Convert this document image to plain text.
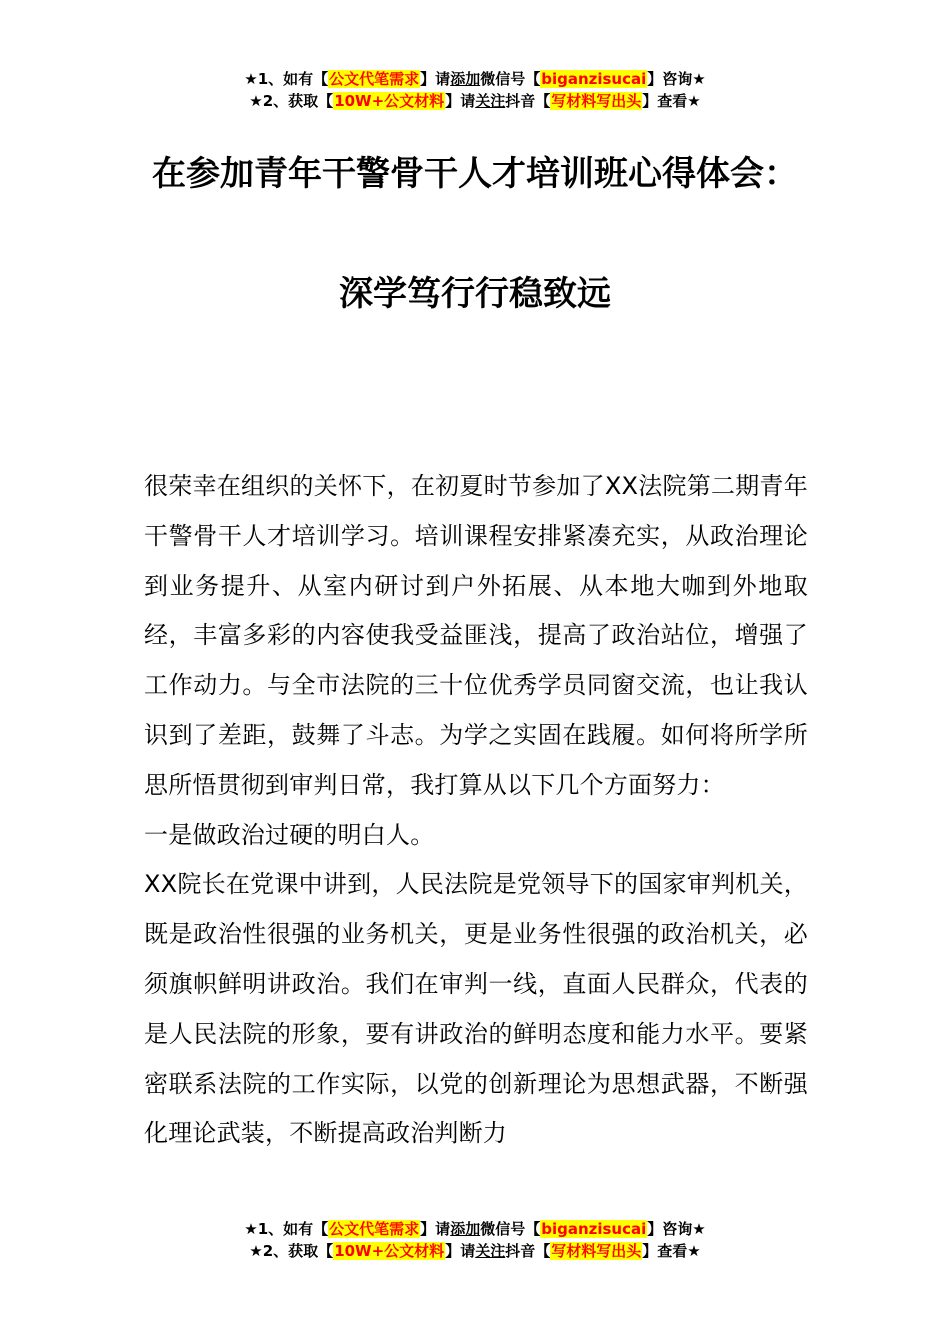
★1、如有【公文代笔需求】请添加微信号【biganzisucai】咨询★
★2、获取【10W+公文材料】请关注抖音【写材料写出头】查看★
在参加青年干警骨干人才培训班心得体会：
深学笃行行稳致远

很荣幸在组织的关怀下，在初夏时节参加了XX法院第二期青年干警骨干人才培训学习。培训课程安排紧凑充实，从政治理论到业务提升、从室内研讨到户外拓展、从本地大咖到外地取经，丰富多彩的内容使我受益匪浅，提高了政治站位，增强了工作动力。与全市法院的三十位优秀学员同窗交流，也让我认识到了差距，鼓舞了斗志。为学之实固在践履。如何将所学所思所悟贯彻到审判日常，我打算从以下几个方面努力：

一是做政治过硬的明白人。

XX院长在党课中讲到，人民法院是党领导下的国家审判机关，既是政治性很强的业务机关，更是业务性很强的政治机关，必须旗帜鲜明讲政治。我们在审判一线，直面人民群众，代表的是人民法院的形象，要有讲政治的鲜明态度和能力水平。要紧密联系法院的工作实际，以党的创新理论为思想武器，不断强化理论武装，不断提高政治判断力

★1、如有【公文代笔需求】请添加微信号【biganzisucai】咨询★
★2、获取【10W+公文材料】请关注抖音【写材料写出头】查看★
